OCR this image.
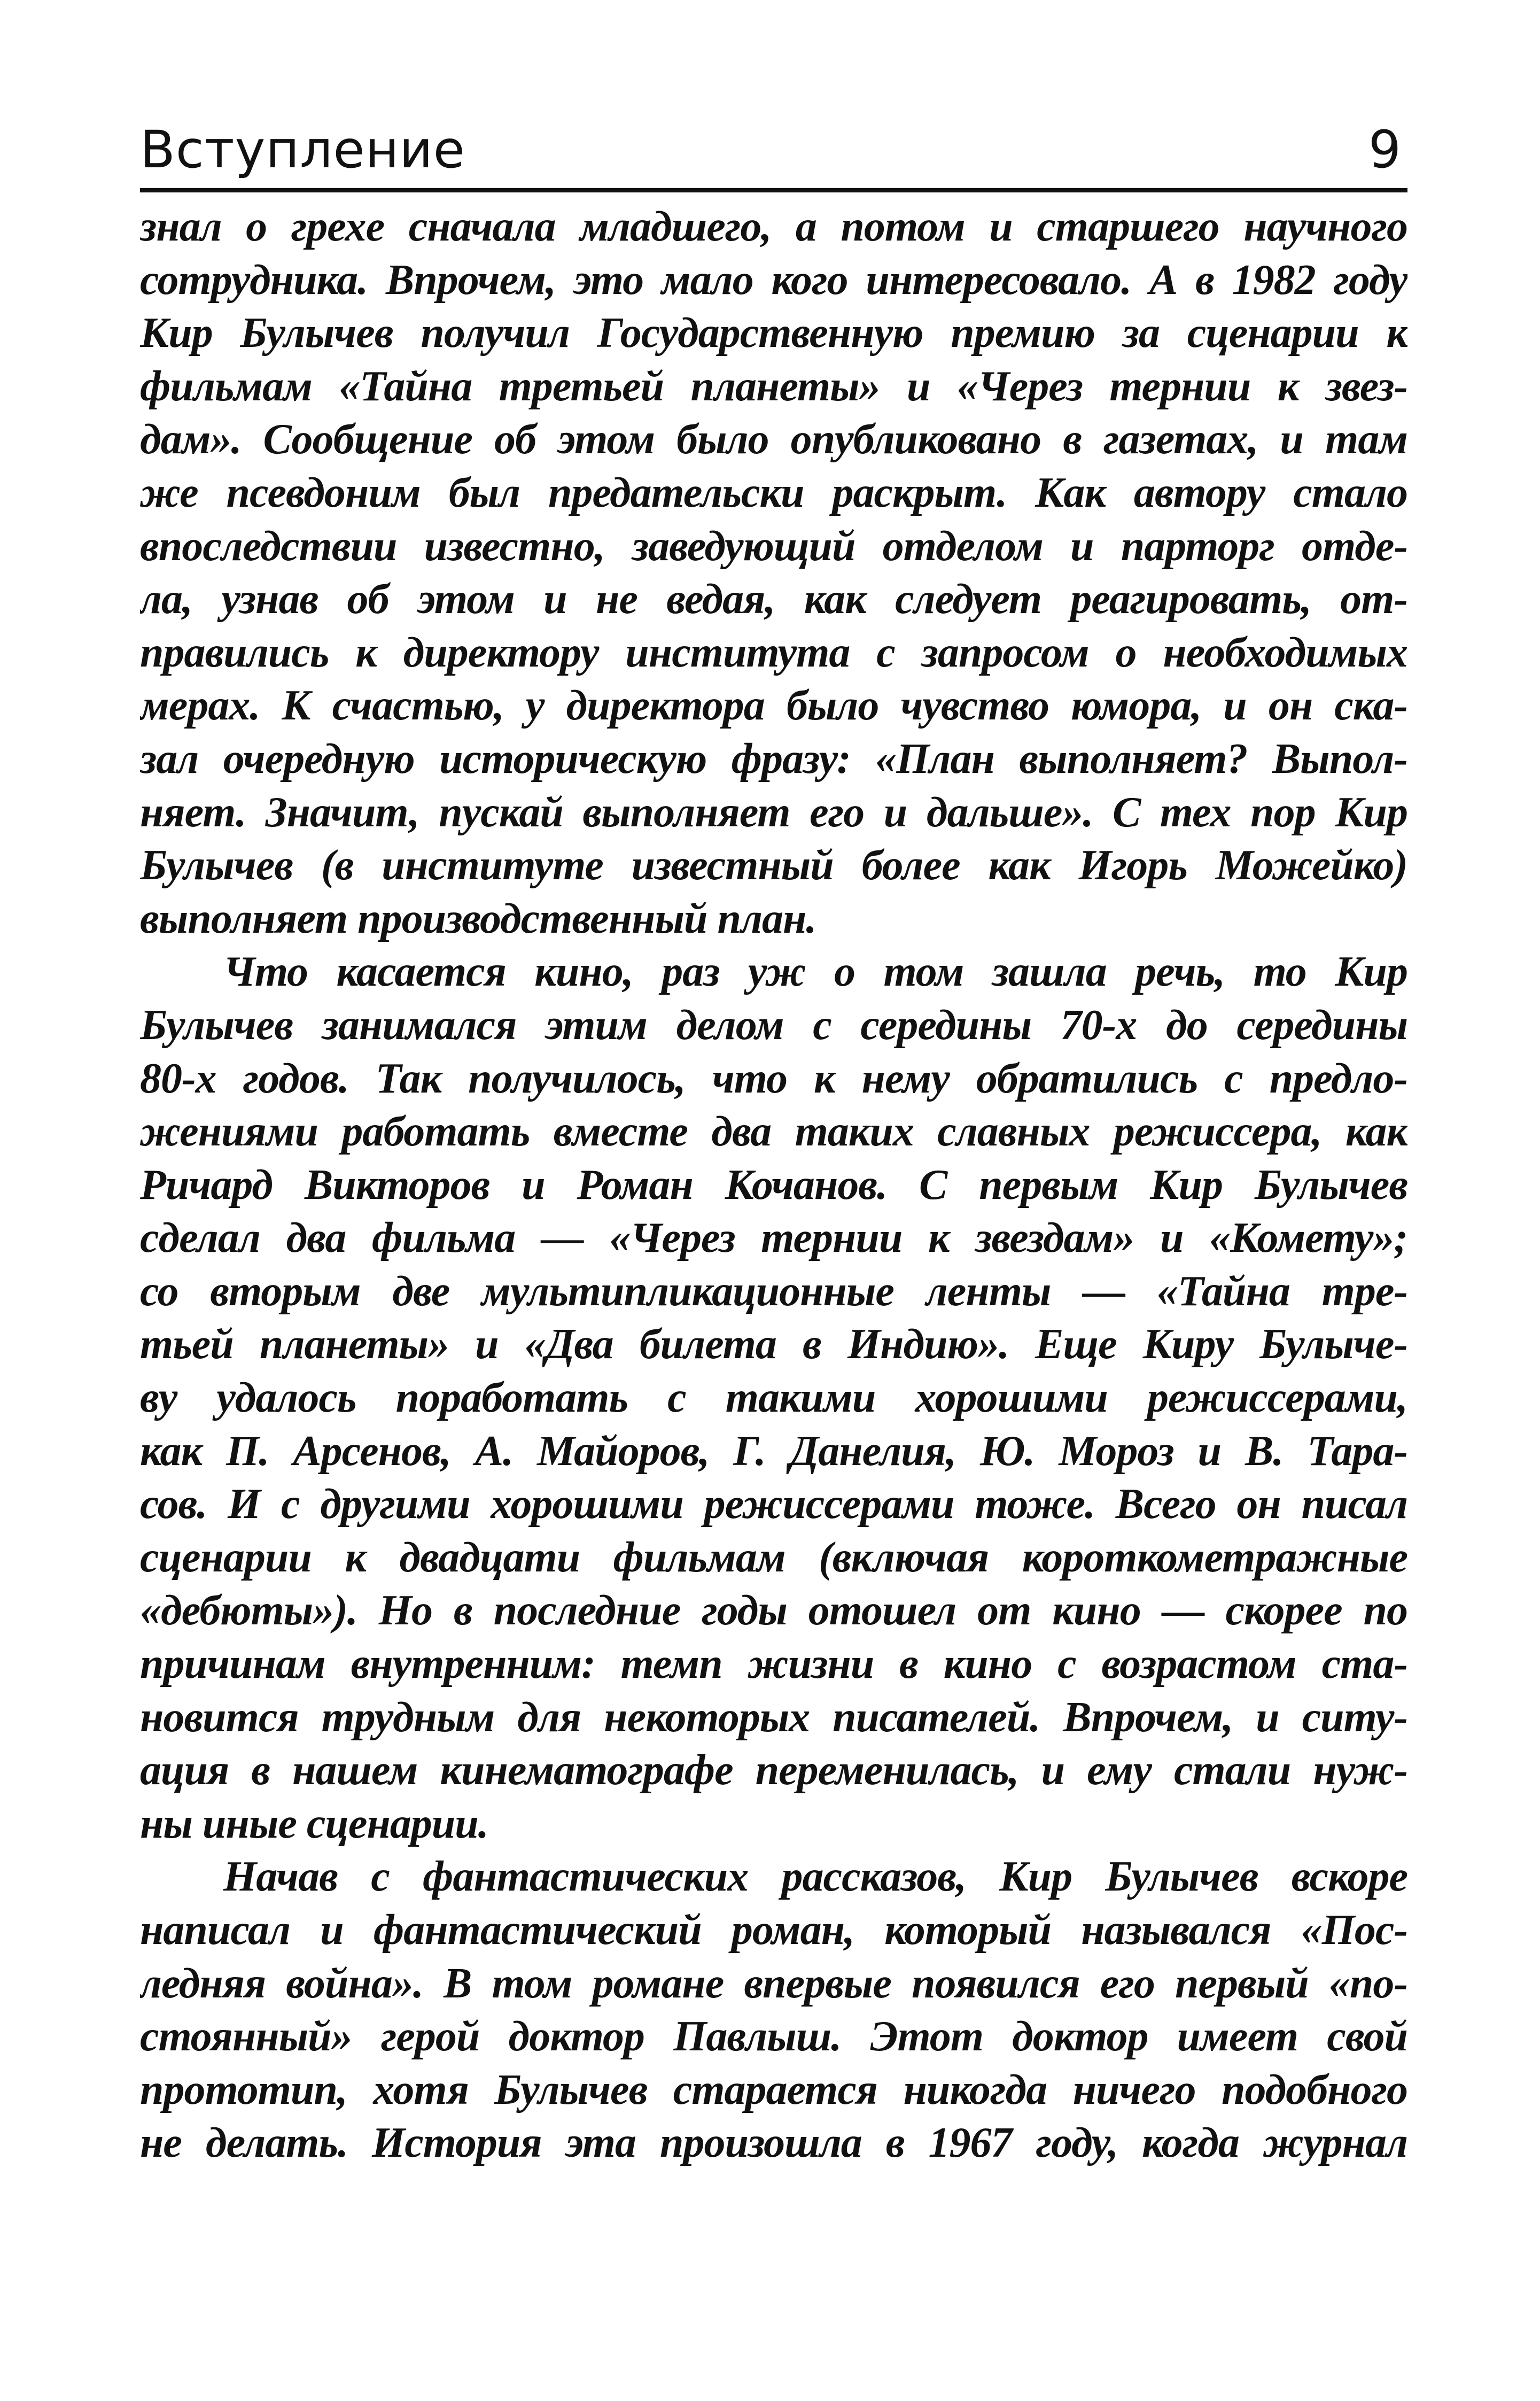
Вступление	9
знал о грехе сначала младшего, а потом и старшего научного
сотрудника. Впрочем, это мало кого интересовало. А в 1982 году
Кир Булычев получил Государственную премию за сценарии к
фильмам «Тайна третьей планеты» и «Через тернии к звез-
дам». Сообщение об этом было опубликовано в газетах, и там
же псевдоним был предательски раскрыт. Как автору стало
впоследствии известно, заведующий отделом и парторг отде-
ла, узнав об этом и не ведая, как следует реагировать, от-
правились к директору института с запросом о необходимых
мерах. К счастью, у директора было чувство юмора, и он ска-
зал очередную историческую фразу: «План выполняет? Выпол-
няет. Значит, пускай выполняет его и дальше». С тех пор Кир
Булычев (в институте известный более как Игорь Можейко)
выполняет производственный план.
Что касается кино, раз уж о том зашла речь, то Кир
Булычев занимался этим делом с середины 70-х до середины
80-х годов. Так получилось, что к нему обратились с предло-
жениями работать вместе два таких славных режиссера, как
Ричард Викторов и Роман Кочанов. С первым Кир Булычев
сделал два фильма — «Через тернии к звездам» и «Комету»;
со вторым две мультипликационные ленты — «Тайна тре-
тьей планеты» и «Два билета в Индию». Еще Киру Булыче-
ву удалось поработать с такими хорошими режиссерами,
как П. Арсенов, А. Майоров, Г. Данелия, Ю. Мороз и В. Тара-
сов. И с другими хорошими режиссерами тоже. Всего он писал
сценарии к двадцати фильмам (включая короткометражные
«дебюты»). Но в последние годы отошел от кино — скорее по
причинам внутренним: темп жизни в кино с возрастом ста-
новится трудным для некоторых писателей. Впрочем, и ситу-
ация в нашем кинематографе переменилась, и ему стали нуж-
ны иные сценарии.
Начав с фантастических рассказов, Кир Булычев вскоре
написал и фантастический роман, который назывался «Пос-
ледняя война». В том романе впервые появился его первый «по-
стоянный» герой доктор Павлыш. Этот доктор имеет свой
прототип, хотя Булычев старается никогда ничего подобного
не делать. История эта произошла в 1967 году, когда журнал
